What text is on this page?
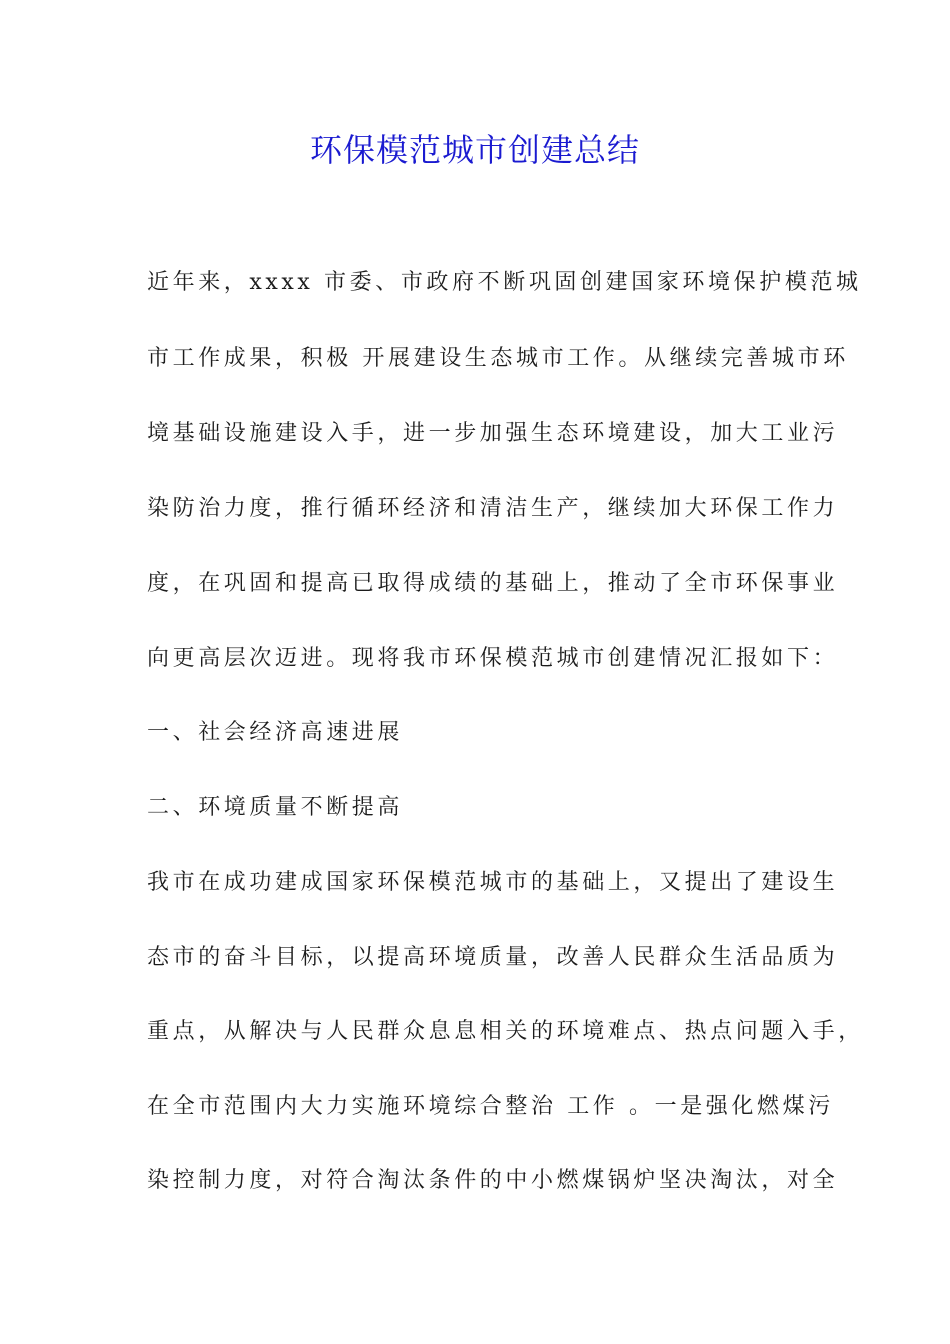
环保模范城市创建总结
近年来，xxxx 市委、市政府不断巩固创建国家环境保护模范城
市工作成果，积极 开展建设生态城市工作。从继续完善城市环
境基础设施建设入手，进一步加强生态环境建设，加大工业污
染防治力度，推行循环经济和清洁生产，继续加大环保工作力
度，在巩固和提高已取得成绩的基础上，推动了全市环保事业
向更高层次迈进。现将我市环保模范城市创建情况汇报如下：
一、社会经济高速进展
二、环境质量不断提高
我市在成功建成国家环保模范城市的基础上，又提出了建设生
态市的奋斗目标，以提高环境质量，改善人民群众生活品质为
重点，从解决与人民群众息息相关的环境难点、热点问题入手，
在全市范围内大力实施环境综合整治 工作 。一是强化燃煤污
染控制力度，对符合淘汰条件的中小燃煤锅炉坚决淘汰，对全
